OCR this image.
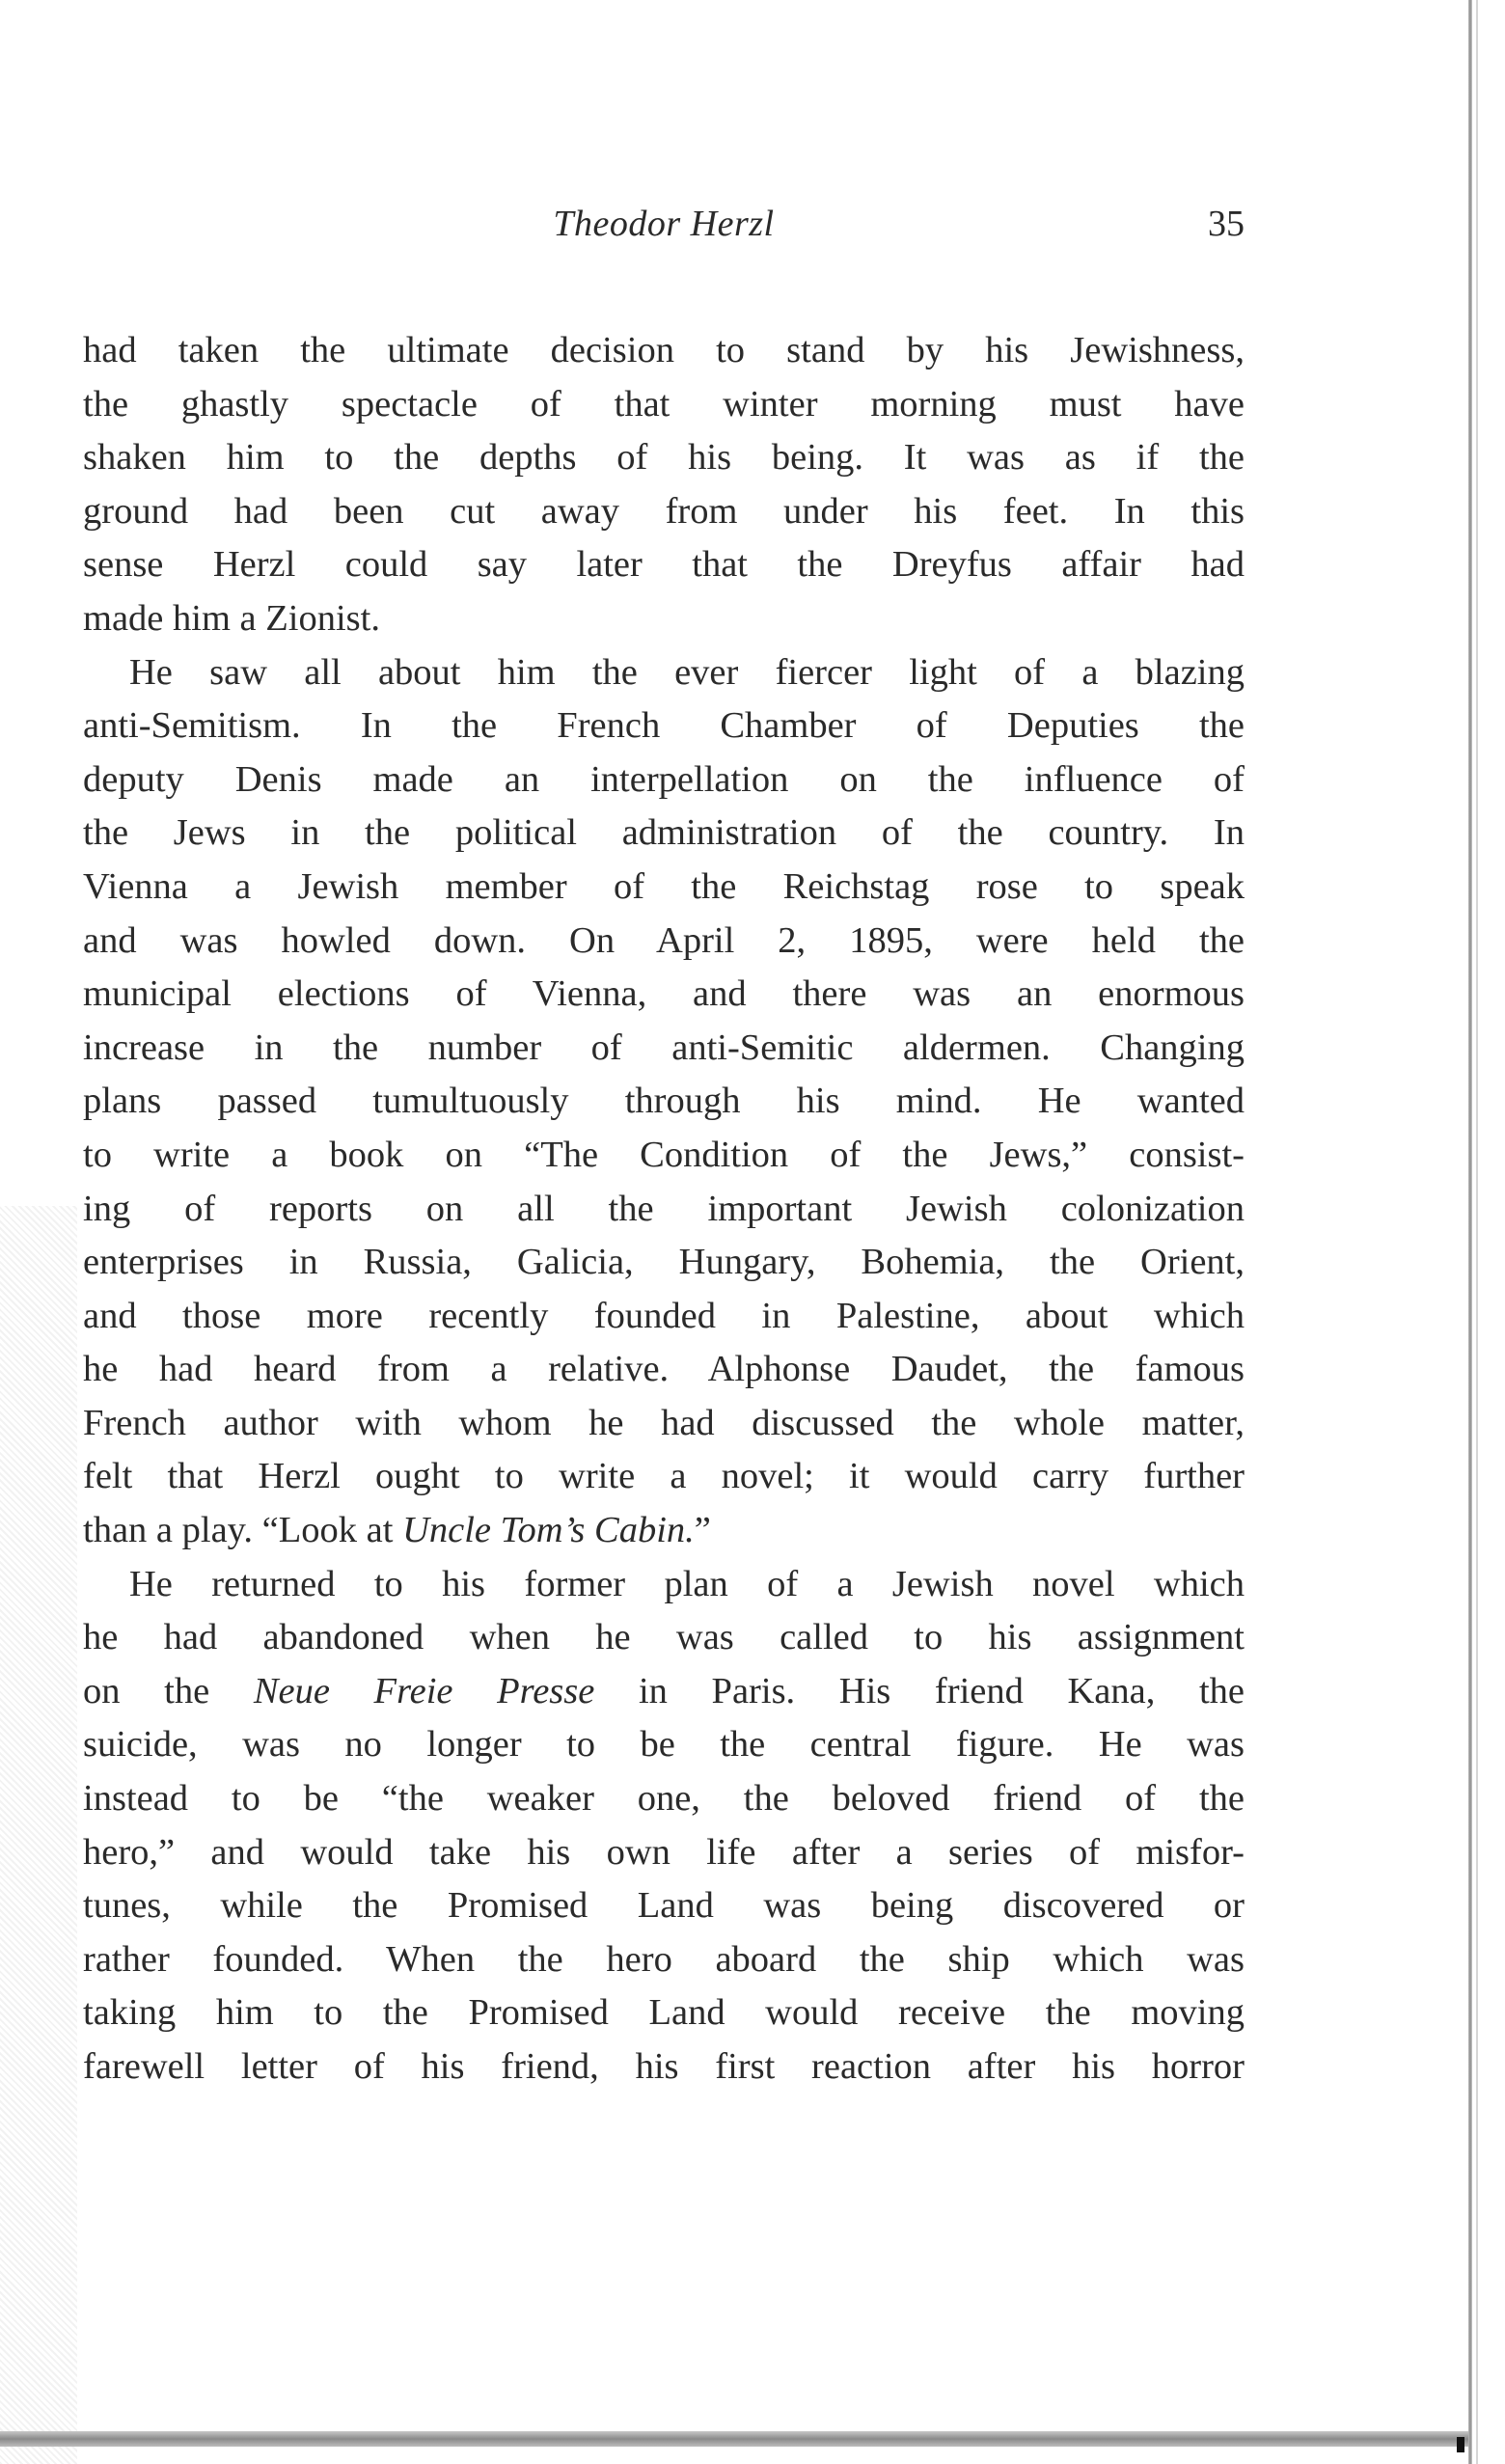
Theodor Herzl	35
had taken the ultimate decision to stand by his Jewishness,
the ghastly spectacle of that winter morning must have
shaken him to the depths of his being. It was as if the
ground had been cut away from under his feet. In this
sense Herzl could say later that the Dreyfus affair had
made him a Zionist.
He saw all about him the ever fiercer light of a blazing
anti-Semitism. In the French Chamber of Deputies the
deputy Denis made an interpellation on the influence of
the Jews in the political administration of the country. In
Vienna a Jewish member of the Reichstag rose to speak
and was howled down. On April 2, 1895, were held the
municipal elections of Vienna, and there was an enormous
increase in the number of anti-Semitic aldermen. Changing
plans passed tumultuously through his mind. He wanted
to write a book on “The Condition of the Jews,” consist-
ing of reports on all the important Jewish colonization
enterprises in Russia, Galicia, Hungary, Bohemia, the Orient,
and those more recently founded in Palestine, about which
he had heard from a relative. Alphonse Daudet, the famous
French author with whom he had discussed the whole matter,
felt that Herzl ought to write a novel; it would carry further
than a play. “Look at Uncle Tom’s Cabin.”
He returned to his former plan of a Jewish novel which
he had abandoned when he was called to his assignment
on the Neue Freie Presse in Paris. His friend Kana, the
suicide, was no longer to be the central figure. He was
instead to be “the weaker one, the beloved friend of the
hero,” and would take his own life after a series of misfor-
tunes, while the Promised Land was being discovered or
rather founded. When the hero aboard the ship which was
taking him to the Promised Land would receive the moving
farewell letter of his friend, his first reaction after his horror
